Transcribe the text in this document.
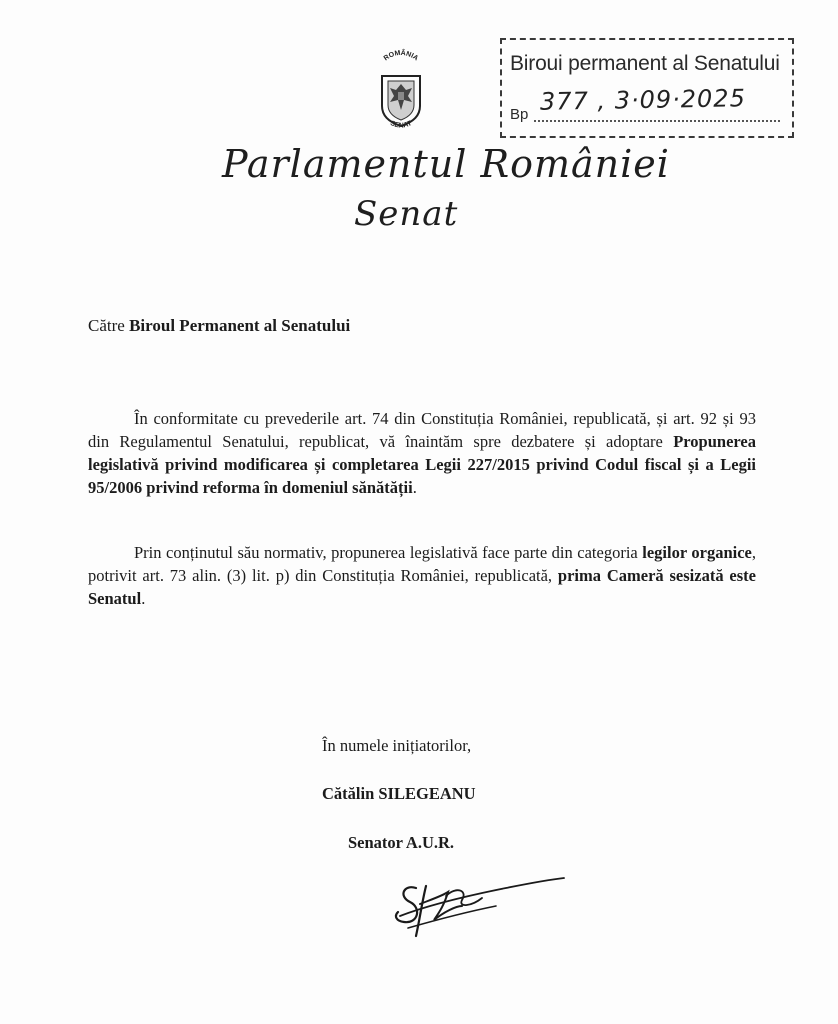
ROMÂNIA
SENAT
Biroui permanent al Senatului
Bp 377 , 3·09·2025
Parlamentul României
Senat
Către Biroul Permanent al Senatului
În conformitate cu prevederile art. 74 din Constituția României, republicată, și art. 92 și 93 din Regulamentul Senatului, republicat, vă înaintăm spre dezbatere și adoptare Propunerea legislativă privind modificarea și completarea Legii 227/2015 privind Codul fiscal și a Legii 95/2006 privind reforma în domeniul sănătății.
Prin conținutul său normativ, propunerea legislativă face parte din categoria legilor organice, potrivit art. 73 alin. (3) lit. p) din Constituția României, republicată, prima Cameră sesizată este Senatul.
În numele inițiatorilor,
Cătălin SILEGEANU
Senator A.U.R.
